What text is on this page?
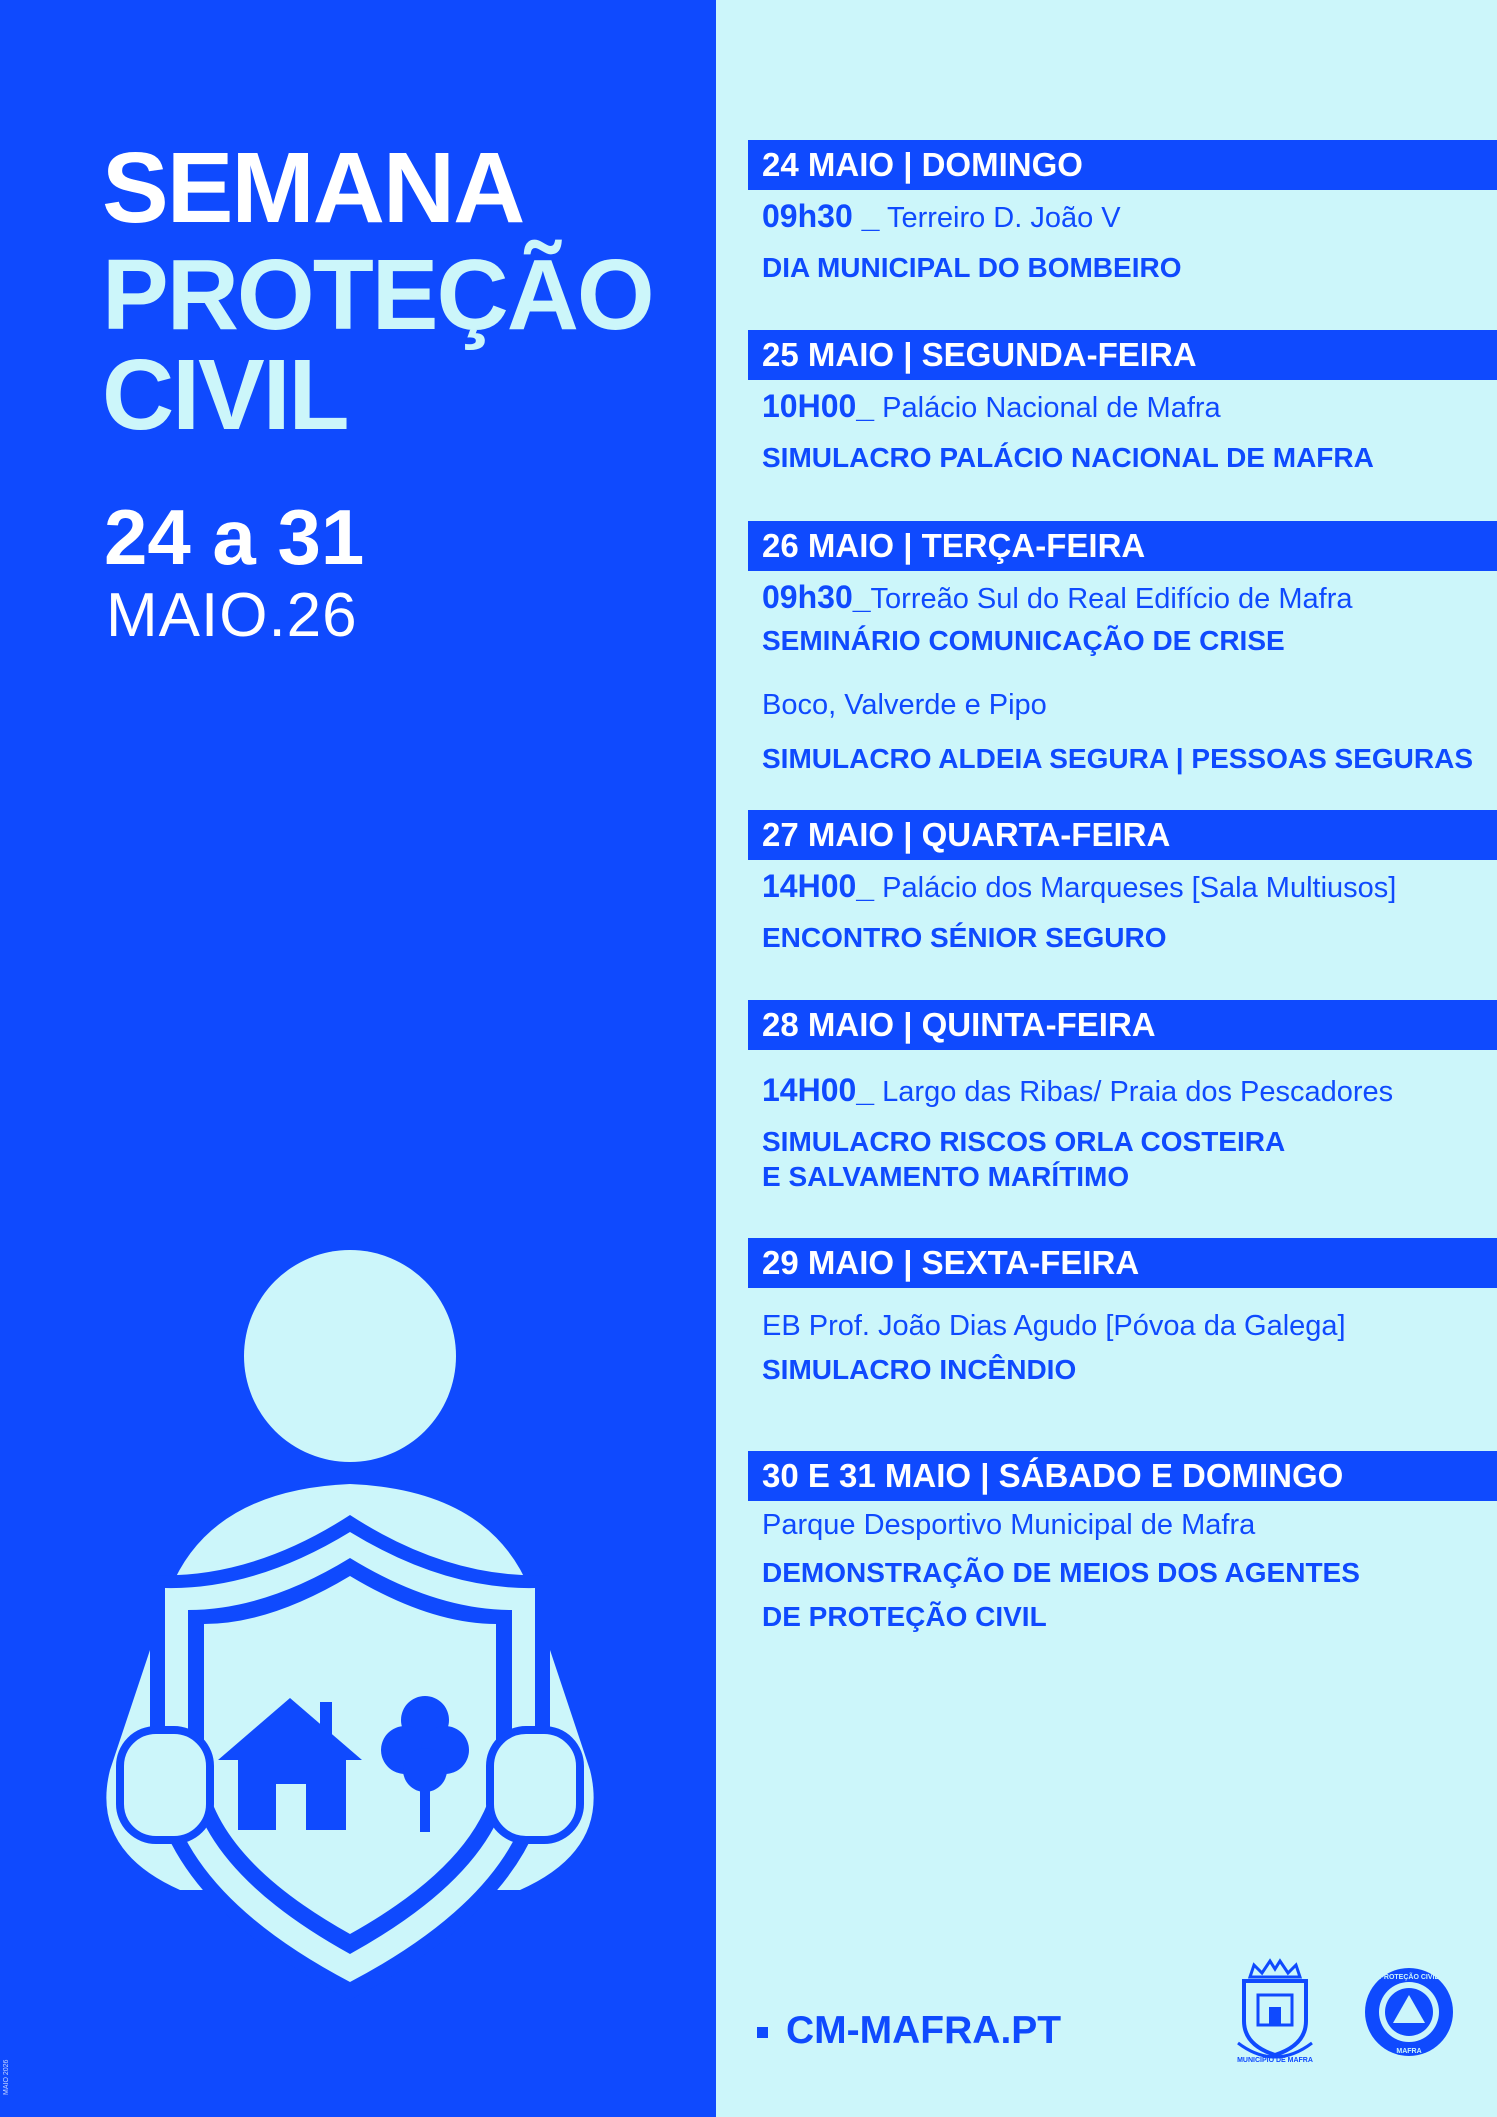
SEMANA
PROTEÇÃO
CIVIL
24 a 31
MAIO.26
MAIO 2026
24 MAIO | DOMINGO
09h30 _ Terreiro D. João V
DIA MUNICIPAL DO BOMBEIRO
25 MAIO | SEGUNDA-FEIRA
10H00_ Palácio Nacional de Mafra
SIMULACRO PALÁCIO NACIONAL DE MAFRA
26 MAIO | TERÇA-FEIRA
09h30_Torreão Sul do Real Edifício de Mafra
SEMINÁRIO COMUNICAÇÃO DE CRISE
Boco, Valverde e Pipo
SIMULACRO ALDEIA SEGURA | PESSOAS SEGURAS
27 MAIO | QUARTA-FEIRA
14H00_ Palácio dos Marqueses [Sala Multiusos]
ENCONTRO SÉNIOR SEGURO
28 MAIO | QUINTA-FEIRA
14H00_ Largo das Ribas/ Praia dos Pescadores
SIMULACRO RISCOS ORLA COSTEIRA
E SALVAMENTO MARÍTIMO
29 MAIO | SEXTA-FEIRA
EB Prof. João Dias Agudo [Póvoa da Galega]
SIMULACRO INCÊNDIO
30 E 31 MAIO | SÁBADO E DOMINGO
Parque Desportivo Municipal de Mafra
DEMONSTRAÇÃO DE MEIOS DOS AGENTES
DE PROTEÇÃO CIVIL
CM-MAFRA.PT
MUNICÍPIO DE MAFRA
PROTEÇÃO CIVIL
MAFRA
